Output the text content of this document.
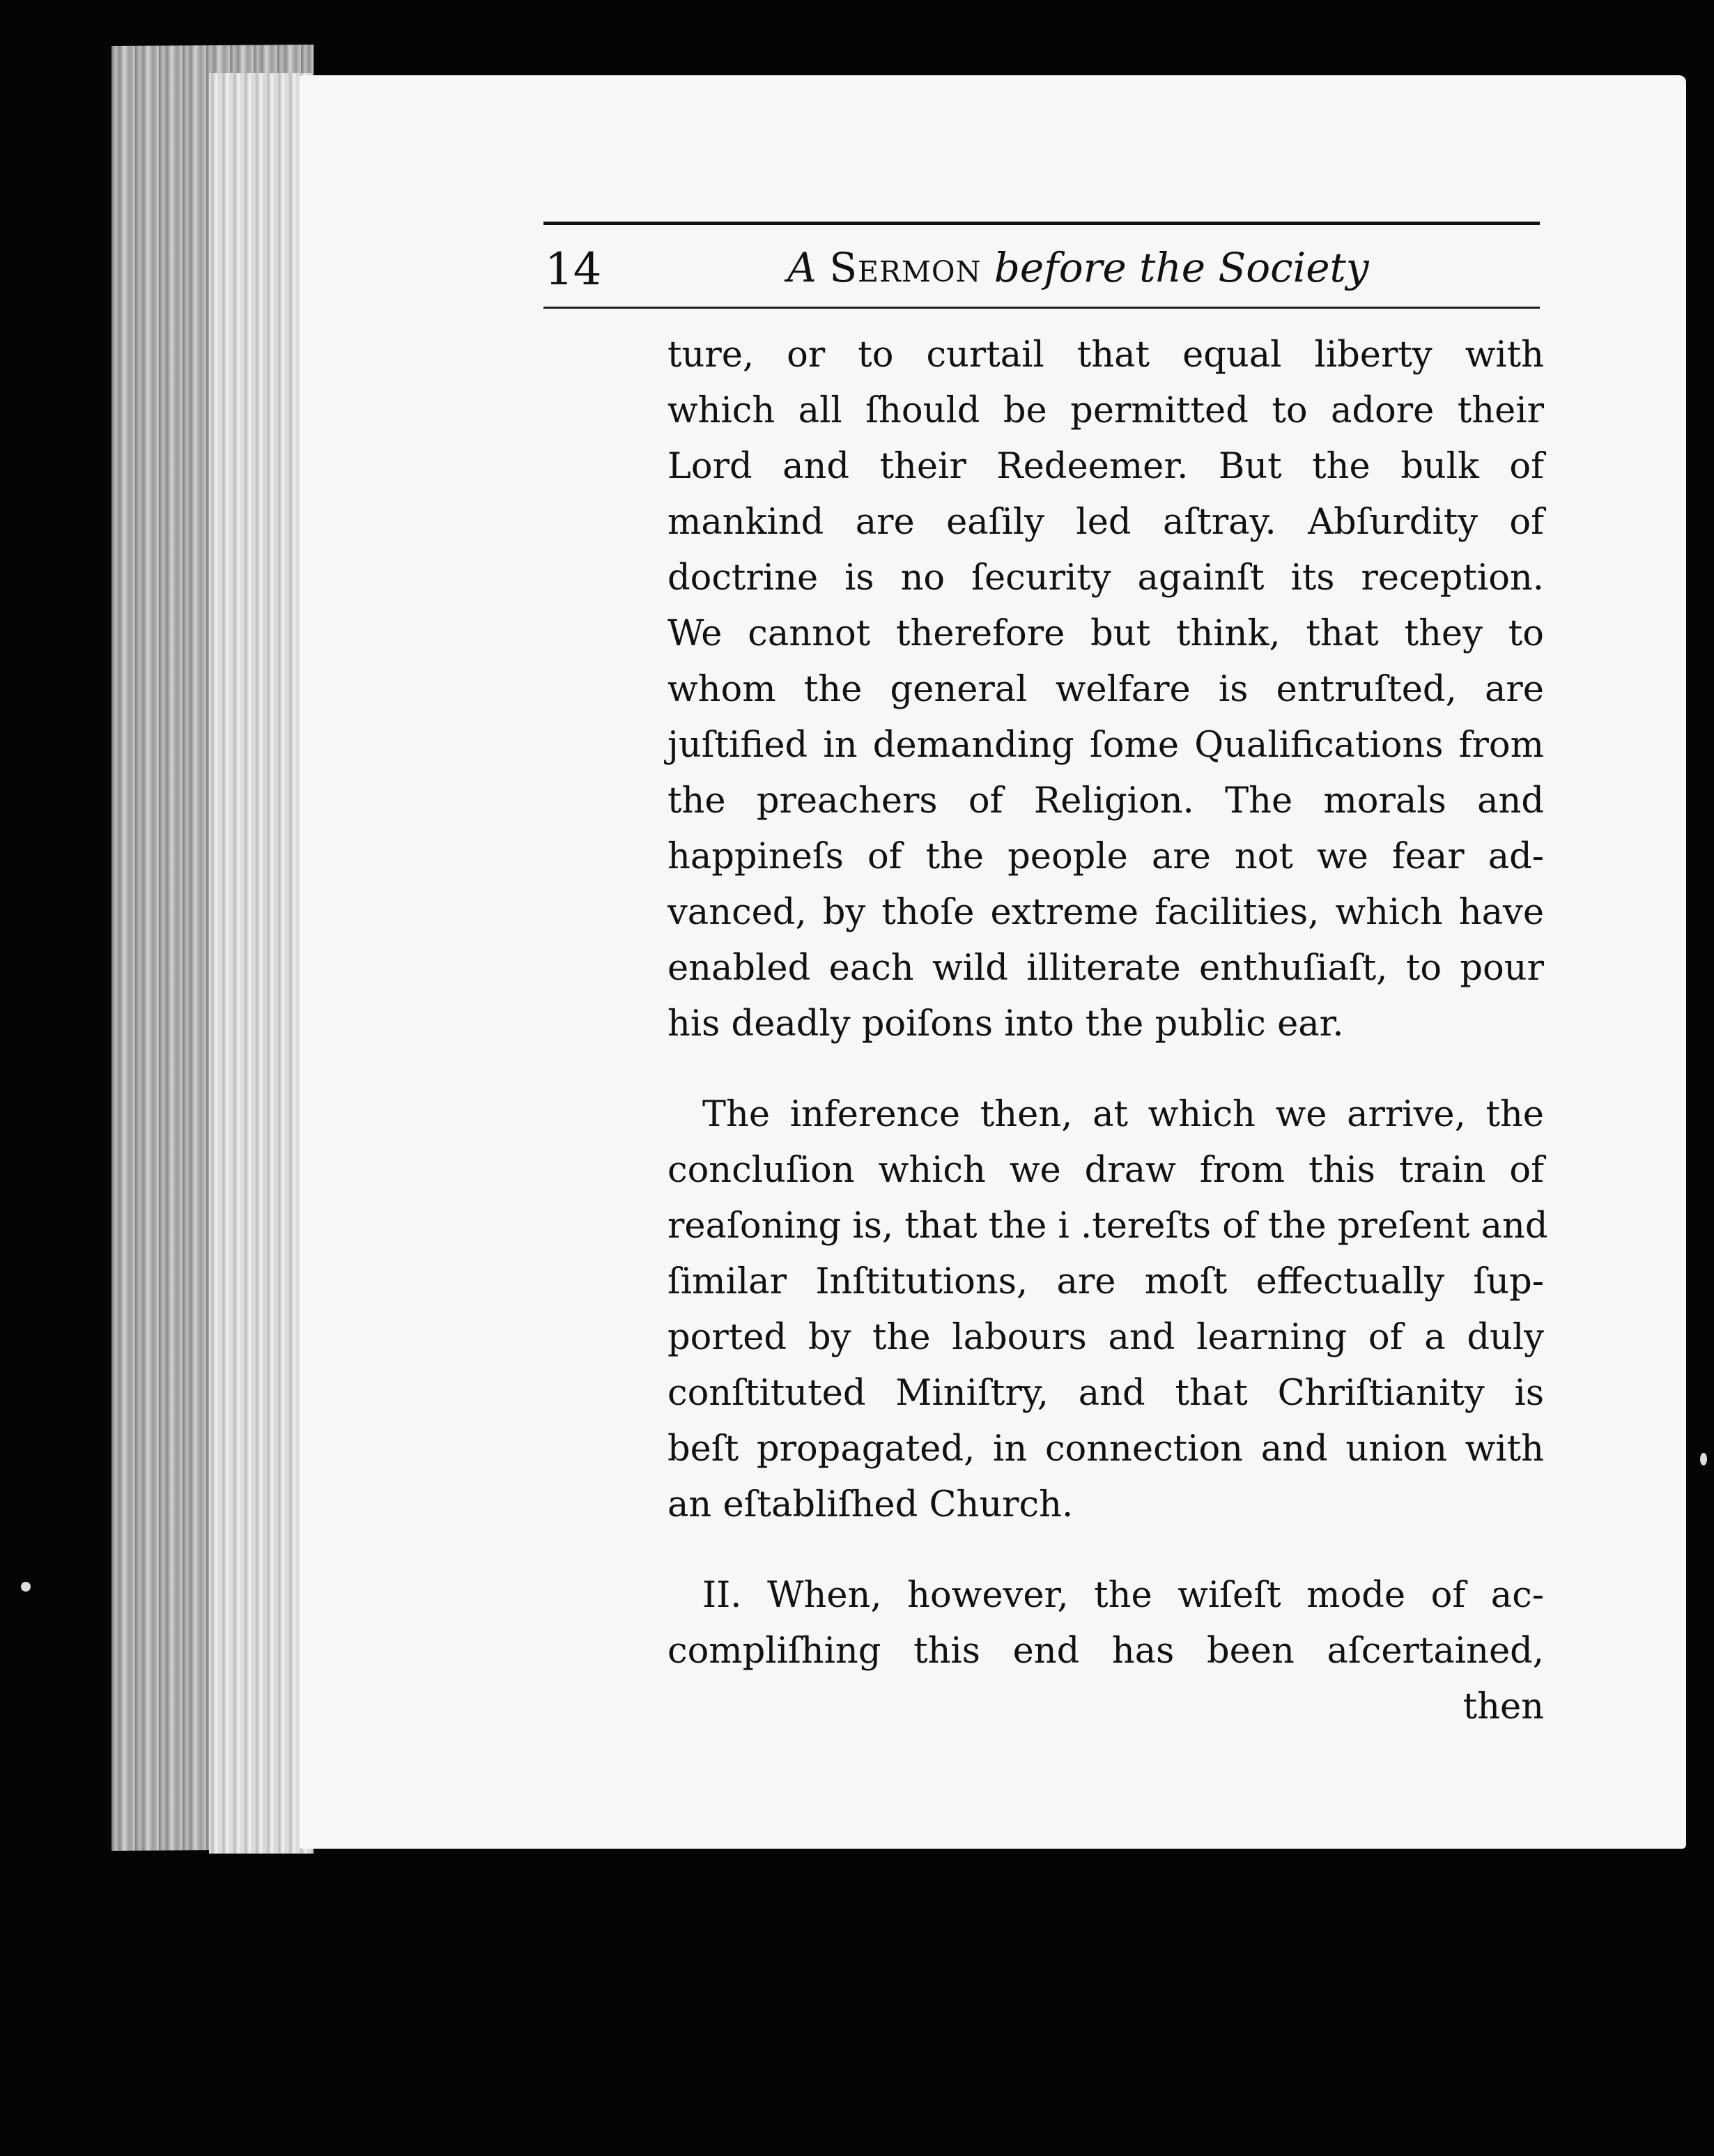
14	A Sermon before the Society
ture, or to curtail that equal liberty with
which all ſhould be permitted to adore their
Lord and their Redeemer. But the bulk of
mankind are eaſily led aſtray. Abſurdity of
doctrine is no ſecurity againſt its reception.
We cannot therefore but think, that they to
whom the general welfare is entruſted, are
juſtified in demanding ſome Qualifications from
the preachers of Religion. The morals and
happineſs of the people are not we fear ad-
vanced, by thoſe extreme facilities, which have
enabled each wild illiterate enthuſiaſt, to pour
his deadly poiſons into the public ear.
The inference then, at which we arrive, the
concluſion which we draw from this train of
reaſoning is, that the i .tereſts of the preſent and
ſimilar Inſtitutions, are moſt effectually ſup-
ported by the labours and learning of a duly
conſtituted Miniſtry, and that Chriſtianity is
beſt propagated, in connection and union with
an eſtabliſhed Church.
II. When, however, the wiſeſt mode of ac-
compliſhing this end has been aſcertained,
then
